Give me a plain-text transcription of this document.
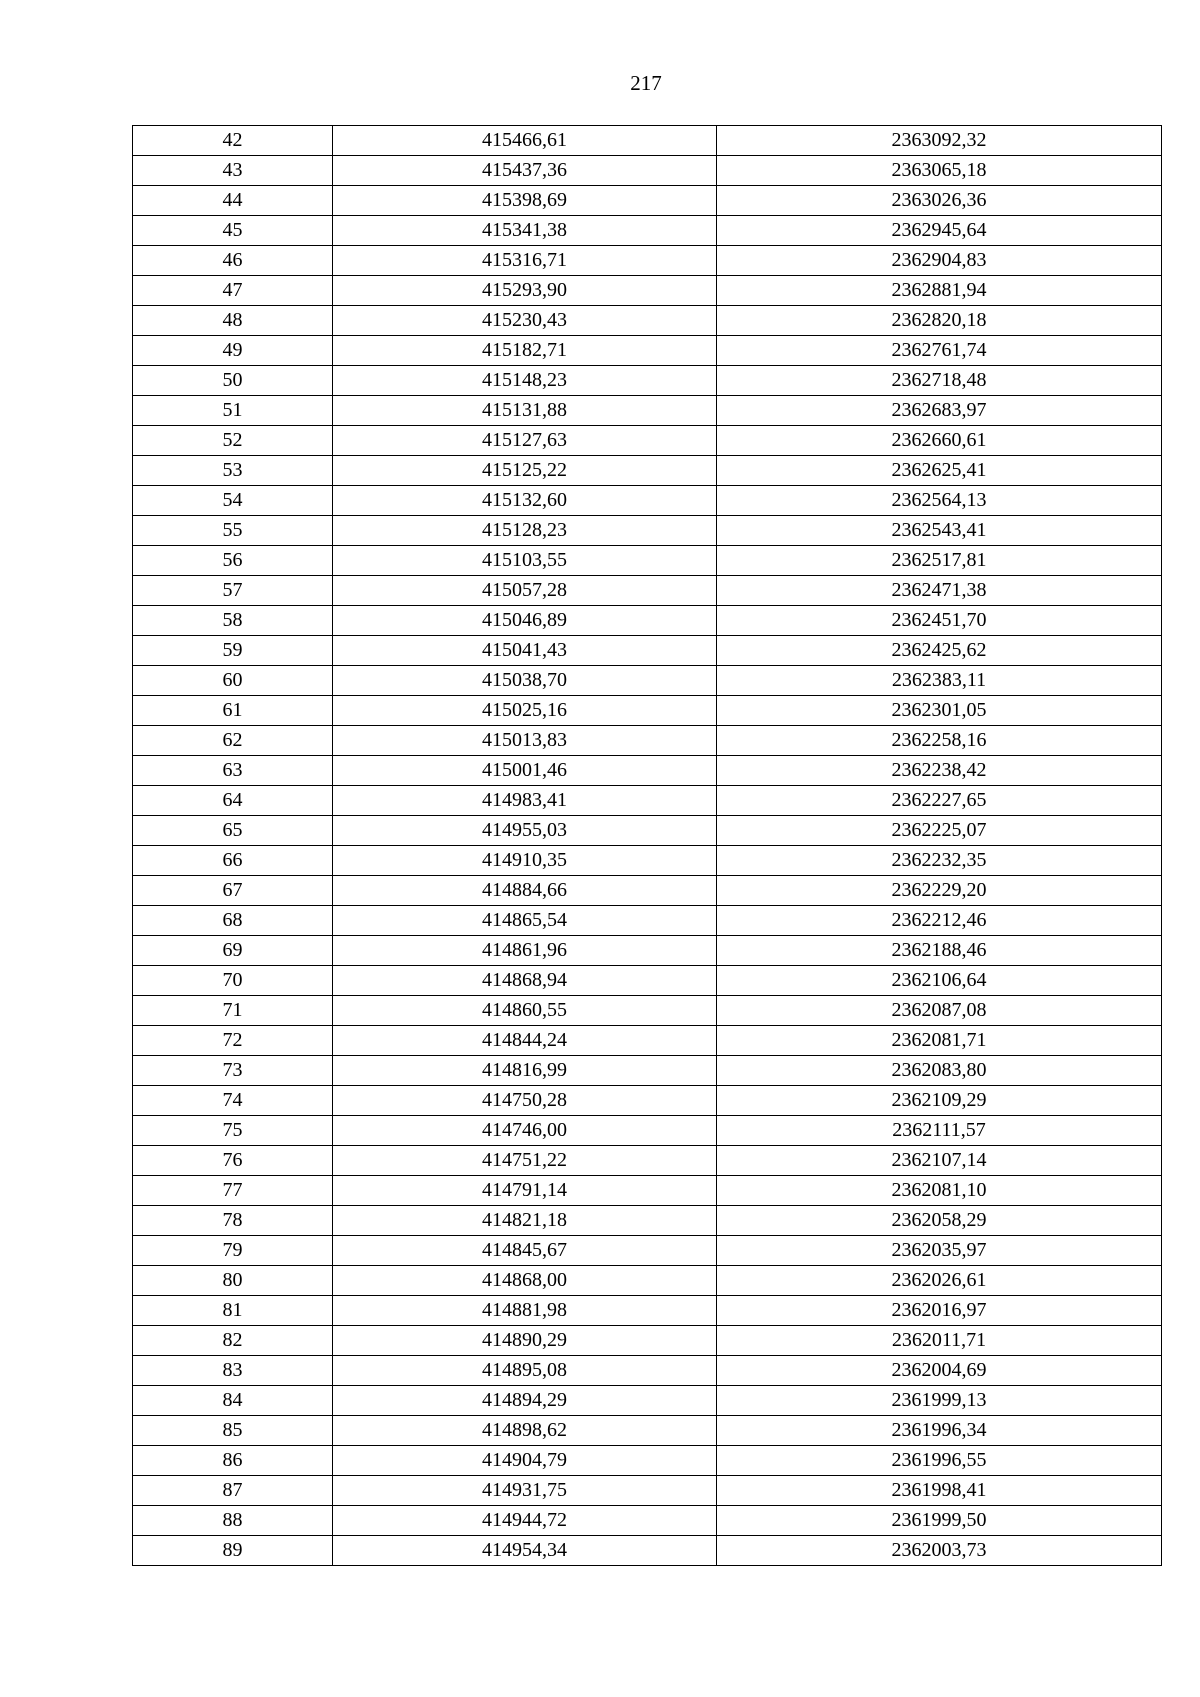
217
42	415466,61	2363092,32
43	415437,36	2363065,18
44	415398,69	2363026,36
45	415341,38	2362945,64
46	415316,71	2362904,83
47	415293,90	2362881,94
48	415230,43	2362820,18
49	415182,71	2362761,74
50	415148,23	2362718,48
51	415131,88	2362683,97
52	415127,63	2362660,61
53	415125,22	2362625,41
54	415132,60	2362564,13
55	415128,23	2362543,41
56	415103,55	2362517,81
57	415057,28	2362471,38
58	415046,89	2362451,70
59	415041,43	2362425,62
60	415038,70	2362383,11
61	415025,16	2362301,05
62	415013,83	2362258,16
63	415001,46	2362238,42
64	414983,41	2362227,65
65	414955,03	2362225,07
66	414910,35	2362232,35
67	414884,66	2362229,20
68	414865,54	2362212,46
69	414861,96	2362188,46
70	414868,94	2362106,64
71	414860,55	2362087,08
72	414844,24	2362081,71
73	414816,99	2362083,80
74	414750,28	2362109,29
75	414746,00	2362111,57
76	414751,22	2362107,14
77	414791,14	2362081,10
78	414821,18	2362058,29
79	414845,67	2362035,97
80	414868,00	2362026,61
81	414881,98	2362016,97
82	414890,29	2362011,71
83	414895,08	2362004,69
84	414894,29	2361999,13
85	414898,62	2361996,34
86	414904,79	2361996,55
87	414931,75	2361998,41
88	414944,72	2361999,50
89	414954,34	2362003,73
